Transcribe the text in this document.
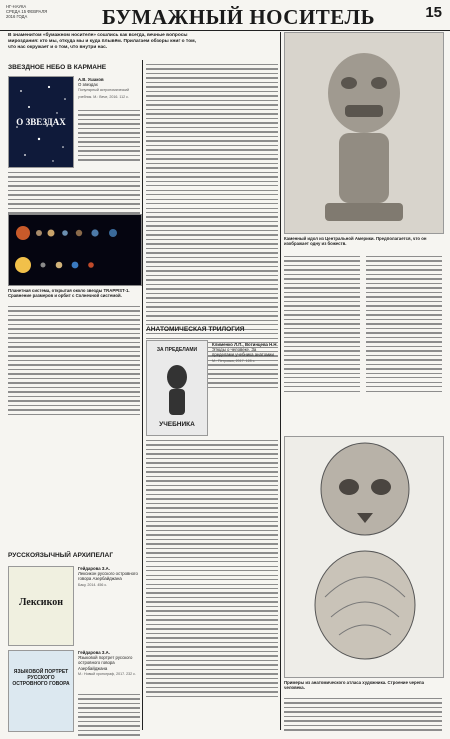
НГ-НАУКА
СРЕДА 15 ФЕВРАЛЯ
2016 ГОДА	БУМАЖНЫЙ НОСИТЕЛЬ	15
В знаменитом «бумажном носителе» сошлись как всегда, вечные вопросы мироздания: кто мы, откуда мы и куда плывём. Прилагаем обзоры книг о том, что нас окружает и о том, что внутри нас.
ЗВЕЗДНОЕ НЕБО В КАРМАНЕ
О ЗВЕЗДАХ
А.В. Ушаков
О звездах
Популярный астрономический учебник. М.: Вече, 2016. 112 с.
Планетная система, открытая около звезды TRAPPIST-1. Сравнение размеров и орбит с Солнечной системой.
Каменный идол из Центральной Америки. Предполагается, что он изображает одну из божеств.
АНАТОМИЧЕСКАЯ ТРИЛОГИЯ
ЗА ПРЕДЕЛАМИ
УЧЕБНИКА
Клименко Л.П., Вотинцева Н.Н.
Этюды о человеке. За пределами учебника анатомии
М.: Петровка, 2017. 128 с.
Примеры из анатомического атласа художника. Строение черепа человека.
РУССКОЯЗЫЧНЫЙ АРХИПЕЛАГ
Лексикон
Гейдарова З.А.
Лексикон русского островного говора Азербайджана
Баку, 2014. 456 с.
ЯЗЫКОВОЙ ПОРТРЕТ РУССКОГО ОСТРОВНОГО ГОВОРА
Гейдарова З.А.
Языковой портрет русского островного говора Азербайджана
М.: Новый хронограф, 2017. 232 с.
